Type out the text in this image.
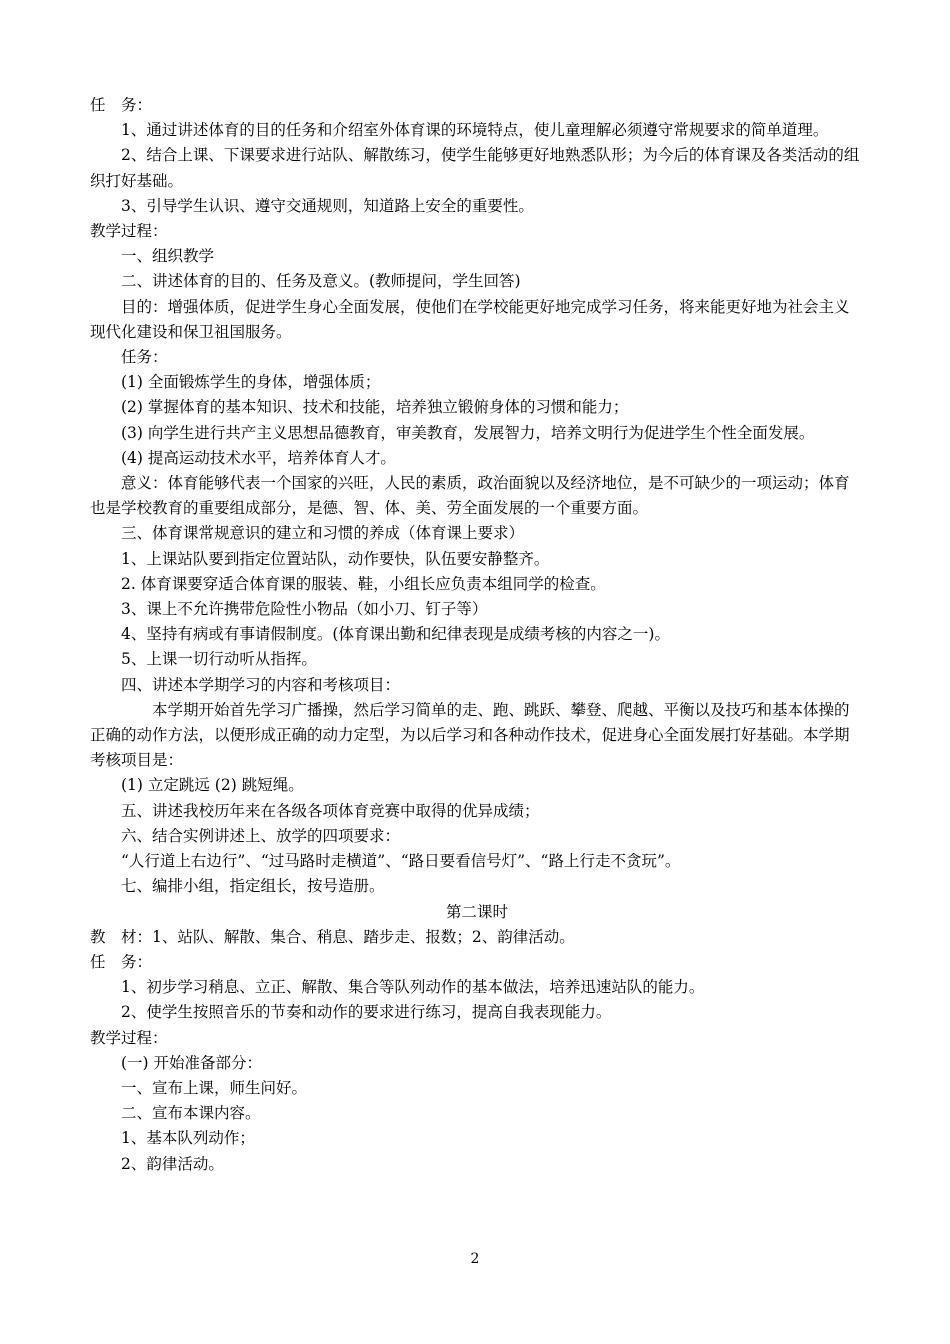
任　务：

1、通过讲述体育的目的任务和介绍室外体育课的环境特点，使儿童理解必须遵守常规要求的简单道理。

2、结合上课、下课要求进行站队、解散练习，使学生能够更好地熟悉队形；为今后的体育课及各类活动的组织打好基础。

3、引导学生认识、遵守交通规则，知道路上安全的重要性。

教学过程：

一、组织教学

二、讲述体育的目的、任务及意义。(教师提问，学生回答)

目的：增强体质，促进学生身心全面发展，使他们在学校能更好地完成学习任务，将来能更好地为社会主义现代化建设和保卫祖国服务。

任务：

(1) 全面锻炼学生的身体，增强体质；

(2) 掌握体育的基本知识、技术和技能，培养独立锻俯身体的习惯和能力；

(3) 向学生进行共产主义思想品德教育，审美教育，发展智力，培养文明行为促进学生个性全面发展。

(4) 提高运动技术水平，培养体育人才。

意义：体育能够代表一个国家的兴旺，人民的素质，政治面貌以及经济地位，是不可缺少的一项运动；体育也是学校教育的重要组成部分，是德、智、体、美、劳全面发展的一个重要方面。

三、体育课常规意识的建立和习惯的养成（体育课上要求）

1、上课站队要到指定位置站队，动作要快，队伍要安静整齐。

2. 体育课要穿适合体育课的服装、鞋，小组长应负责本组同学的检查。

3、课上不允许携带危险性小物品（如小刀、钉子等）

4、坚持有病或有事请假制度。(体育课出勤和纪律表现是成绩考核的内容之一)。

5、上课一切行动听从指挥。

四、讲述本学期学习的内容和考核项目：

本学期开始首先学习广播操，然后学习简单的走、跑、跳跃、攀登、爬越、平衡以及技巧和基本体操的正确的动作方法，以便形成正确的动力定型，为以后学习和各种动作技术，促进身心全面发展打好基础。本学期考核项目是：

(1) 立定跳远 (2) 跳短绳。

五、讲述我校历年来在各级各项体育竞赛中取得的优异成绩；

六、结合实例讲述上、放学的四项要求：

“人行道上右边行”、“过马路时走横道”、“路日要看信号灯”、“路上行走不贪玩”。

七、编排小组，指定组长，按号造册。

第二课时

教　材：1、站队、解散、集合、稍息、踏步走、报数；2、韵律活动。

任　务：

1、初步学习稍息、立正、解散、集合等队列动作的基本做法，培养迅速站队的能力。

2、使学生按照音乐的节奏和动作的要求进行练习，提高自我表现能力。

教学过程：

(一) 开始准备部分：

一、宣布上课，师生问好。

二、宣布本课内容。

1、基本队列动作；

2、韵律活动。

2
